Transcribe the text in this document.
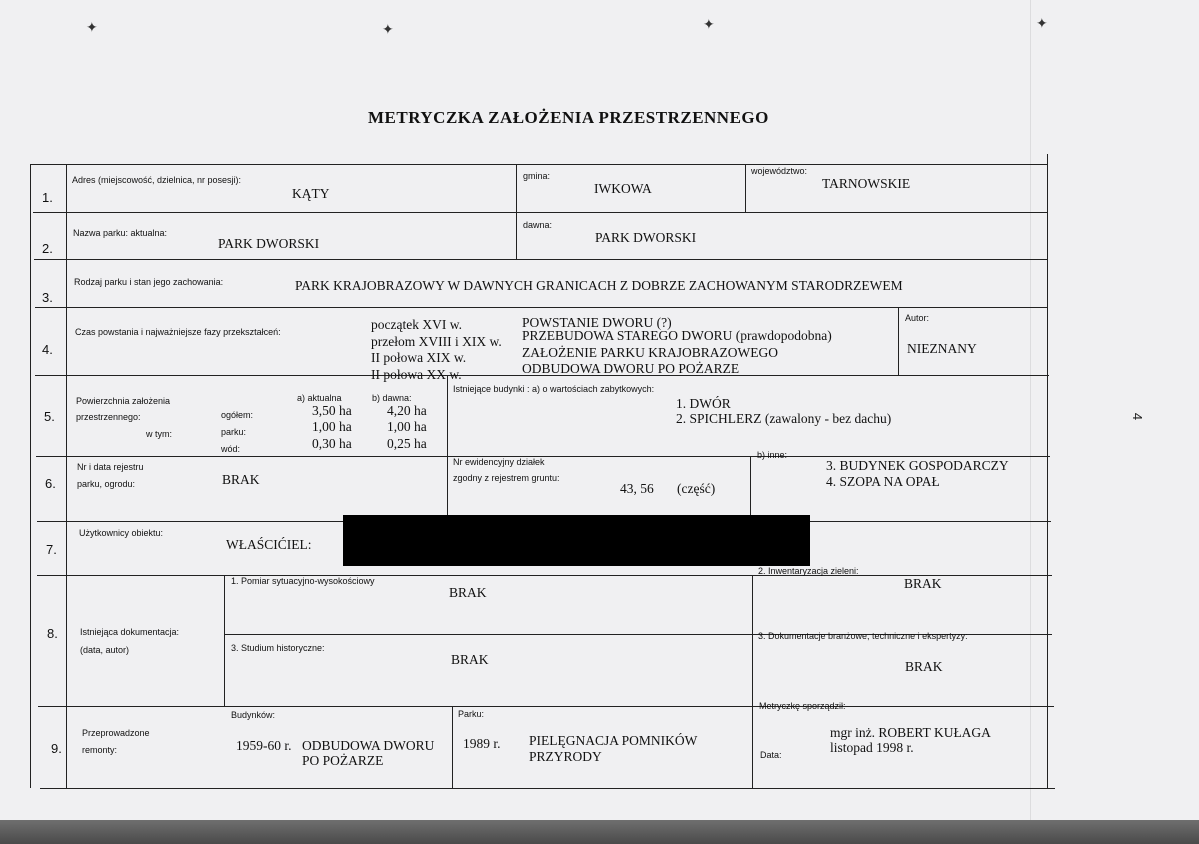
✦	✦	✦	✦
METRYCZKA ZAŁOŻENIA PRZESTRZENNEGO
1.
Adres (miejscowość, dzielnica, nr posesji):
KĄTY
gmina:
IWKOWA
województwo:
TARNOWSKIE
2.
Nazwa parku: aktualna:
PARK DWORSKI
dawna:
PARK DWORSKI
3.
Rodzaj parku i stan jego zachowania:	PARK KRAJOBRAZOWY W DAWNYCH GRANICACH Z DOBRZE ZACHOWANYM STARODRZEWEM
4.
Czas powstania i najważniejsze fazy przekształceń:	początek XVI w.	POWSTANIE DWORU (?)
przełom XVIII i XIX w. PRZEBUDOWA STAREGO DWORU (prawdopodobna)
II połowa XIX w.	ZAŁOŻENIE PARKU KRAJOBRAZOWEGO
II połowa XX w.	ODBUDOWA DWORU PO POŻARZE
Autor:
NIEZNANY
5.
Powierzchnia założenia
przestrzennego:
w tym:
a) aktualna	b) dawna:
ogółem:	3,50 ha	4,20 ha
parku:	1,00 ha	1,00 ha
wód:	0,30 ha	0,25 ha
Istniejące budynki : a) o wartościach zabytkowych:
1. DWÓR
2. SPICHLERZ (zawalony - bez dachu)
6.
Nr i data rejestru
parku, ogrodu:	BRAK
Nr ewidencyjny działek
zgodny z rejestrem gruntu:
43, 56 (część)
b) inne:
3. BUDYNEK GOSPODARCZY
4. SZOPA NA OPAŁ
7.
Użytkownicy obiektu:
WŁAŚCIĆIEL:
8. Istniejąca dokumentacja:
(data, autor)
1. Pomiar sytuacyjno-wysokościowy
BRAK
2. Inwentaryzacja zieleni:
BRAK
3. Studium historyczne:
BRAK
3. Dokumentacje branżowe, techniczne i ekspertyzy:
BRAK
9.
Przeprowadzone
remonty:
Budynków:
1959-60 r. ODBUDOWA DWORU
PO POŻARZE
Parku:
1989 r. PIELĘGNACJA POMNIKÓW
PRZYRODY
Metryczkę sporządził:
mgr inż. ROBERT KUŁAGA
Data:	listopad 1998 r.
4
